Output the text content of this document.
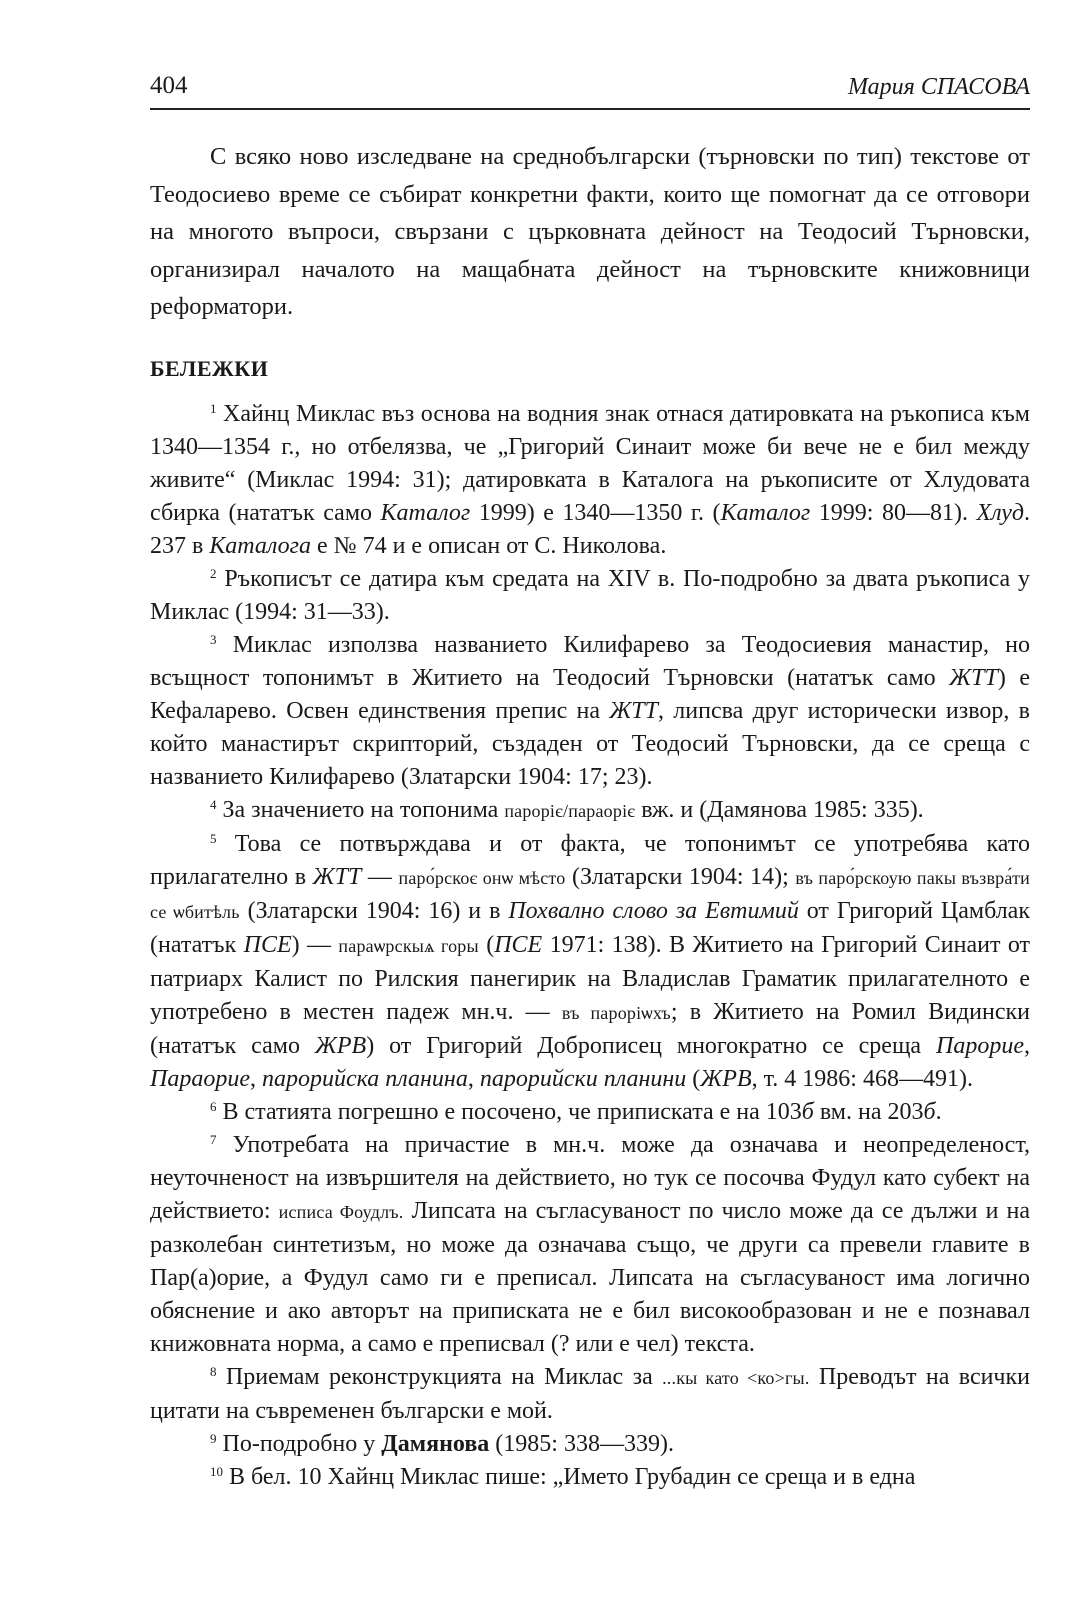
404	Мария СПАСОВА

С всяко ново изследване на среднобългарски (търновски по тип) текстове от Теодосиево време се събират конкретни факти, които ще помогнат да се отговори на многото въпроси, свързани с църковната дейност на Теодосий Търновски, организирал началото на мащабната дейност на търновските книжовници реформатори.

БЕЛЕЖКИ

$^1$ Хайнц Миклас въз основа на водния знак отнася датировката на ръкописа към 1340—1354 г., но отбелязва, че „Григорий Синаит може би вече не е бил между живите“ (Миклас 1994: 31); датировката в Каталога на ръкописите от Хлудовата сбирка (нататък само Каталог 1999) е 1340—1350 г. (Каталог 1999: 80—81). Хлуд. 237 в Каталога е № 74 и е описан от С. Николова.

$^2$ Ръкописът се датира към средата на XIV в. По-подробно за двата ръкописа у Миклас (1994: 31—33).

$^3$ Миклас използва названието Килифарево за Теодосиевия манастир, но всъщност топонимът в Житието на Теодосий Търновски (нататък само ЖТТ) е Кефаларево. Освен единствения препис на ЖТТ, липсва друг исторически извор, в който манастирът скрипторий, създаден от Теодосий Търновски, да се среща с названието Килифарево (Златарски 1904: 17; 23).

$^4$ За значението на топонима пароріє/параоріє вж. и (Дамянова 1985: 335).

$^5$ Това се потвърждава и от факта, че топонимът се употребява като прилагателно в ЖТТ — паро́рскоє онѡ мѣсто (Златарски 1904: 14); въ паро́рскоую пакы възвра́ти се ѡбитѣль (Златарски 1904: 16) и в Похвално слово за Евтимий от Григорий Цамблак (нататък ПСЕ) — параѡрскыѧ горы (ПСЕ 1971: 138). В Житието на Григорий Синаит от патриарх Калист по Рилския панегирик на Владислав Граматик прилагателното е употребено в местен падеж мн.ч. — въ пароріѡхъ; в Житието на Ромил Видински (нататък само ЖРВ) от Григорий Доброписец многократно се среща Парорие, Параорие, парорийска планина, парорийски планини (ЖРВ, т. 4 1986: 468—491).

$^6$ В статията погрешно е посочено, че приписката е на 103б вм. на 203б.

$^7$ Употребата на причастие в мн.ч. може да означава и неопределеност, неуточненост на извършителя на действието, но тук се посочва Фудул като субект на действието: исписа Фоудлъ. Липсата на съгласуваност по число може да се дължи и на разколебан синтетизъм, но може да означава също, че други са превели главите в Пар(а)орие, а Фудул само ги е преписал. Липсата на съгласуваност има логично обяснение и ако авторът на приписката не е бил високообразован и не е познавал книжовната норма, а само е преписвал (? или е чел) текста.

$^8$ Приемам реконструкцията на Миклас за ...кы като <ко>гы. Преводът на всички цитати на съвременен български е мой.

$^9$ По-подробно у Дамянова (1985: 338—339).

$^{10}$ В бел. 10 Хайнц Миклас пише: „Името Грубадин се среща и в една
